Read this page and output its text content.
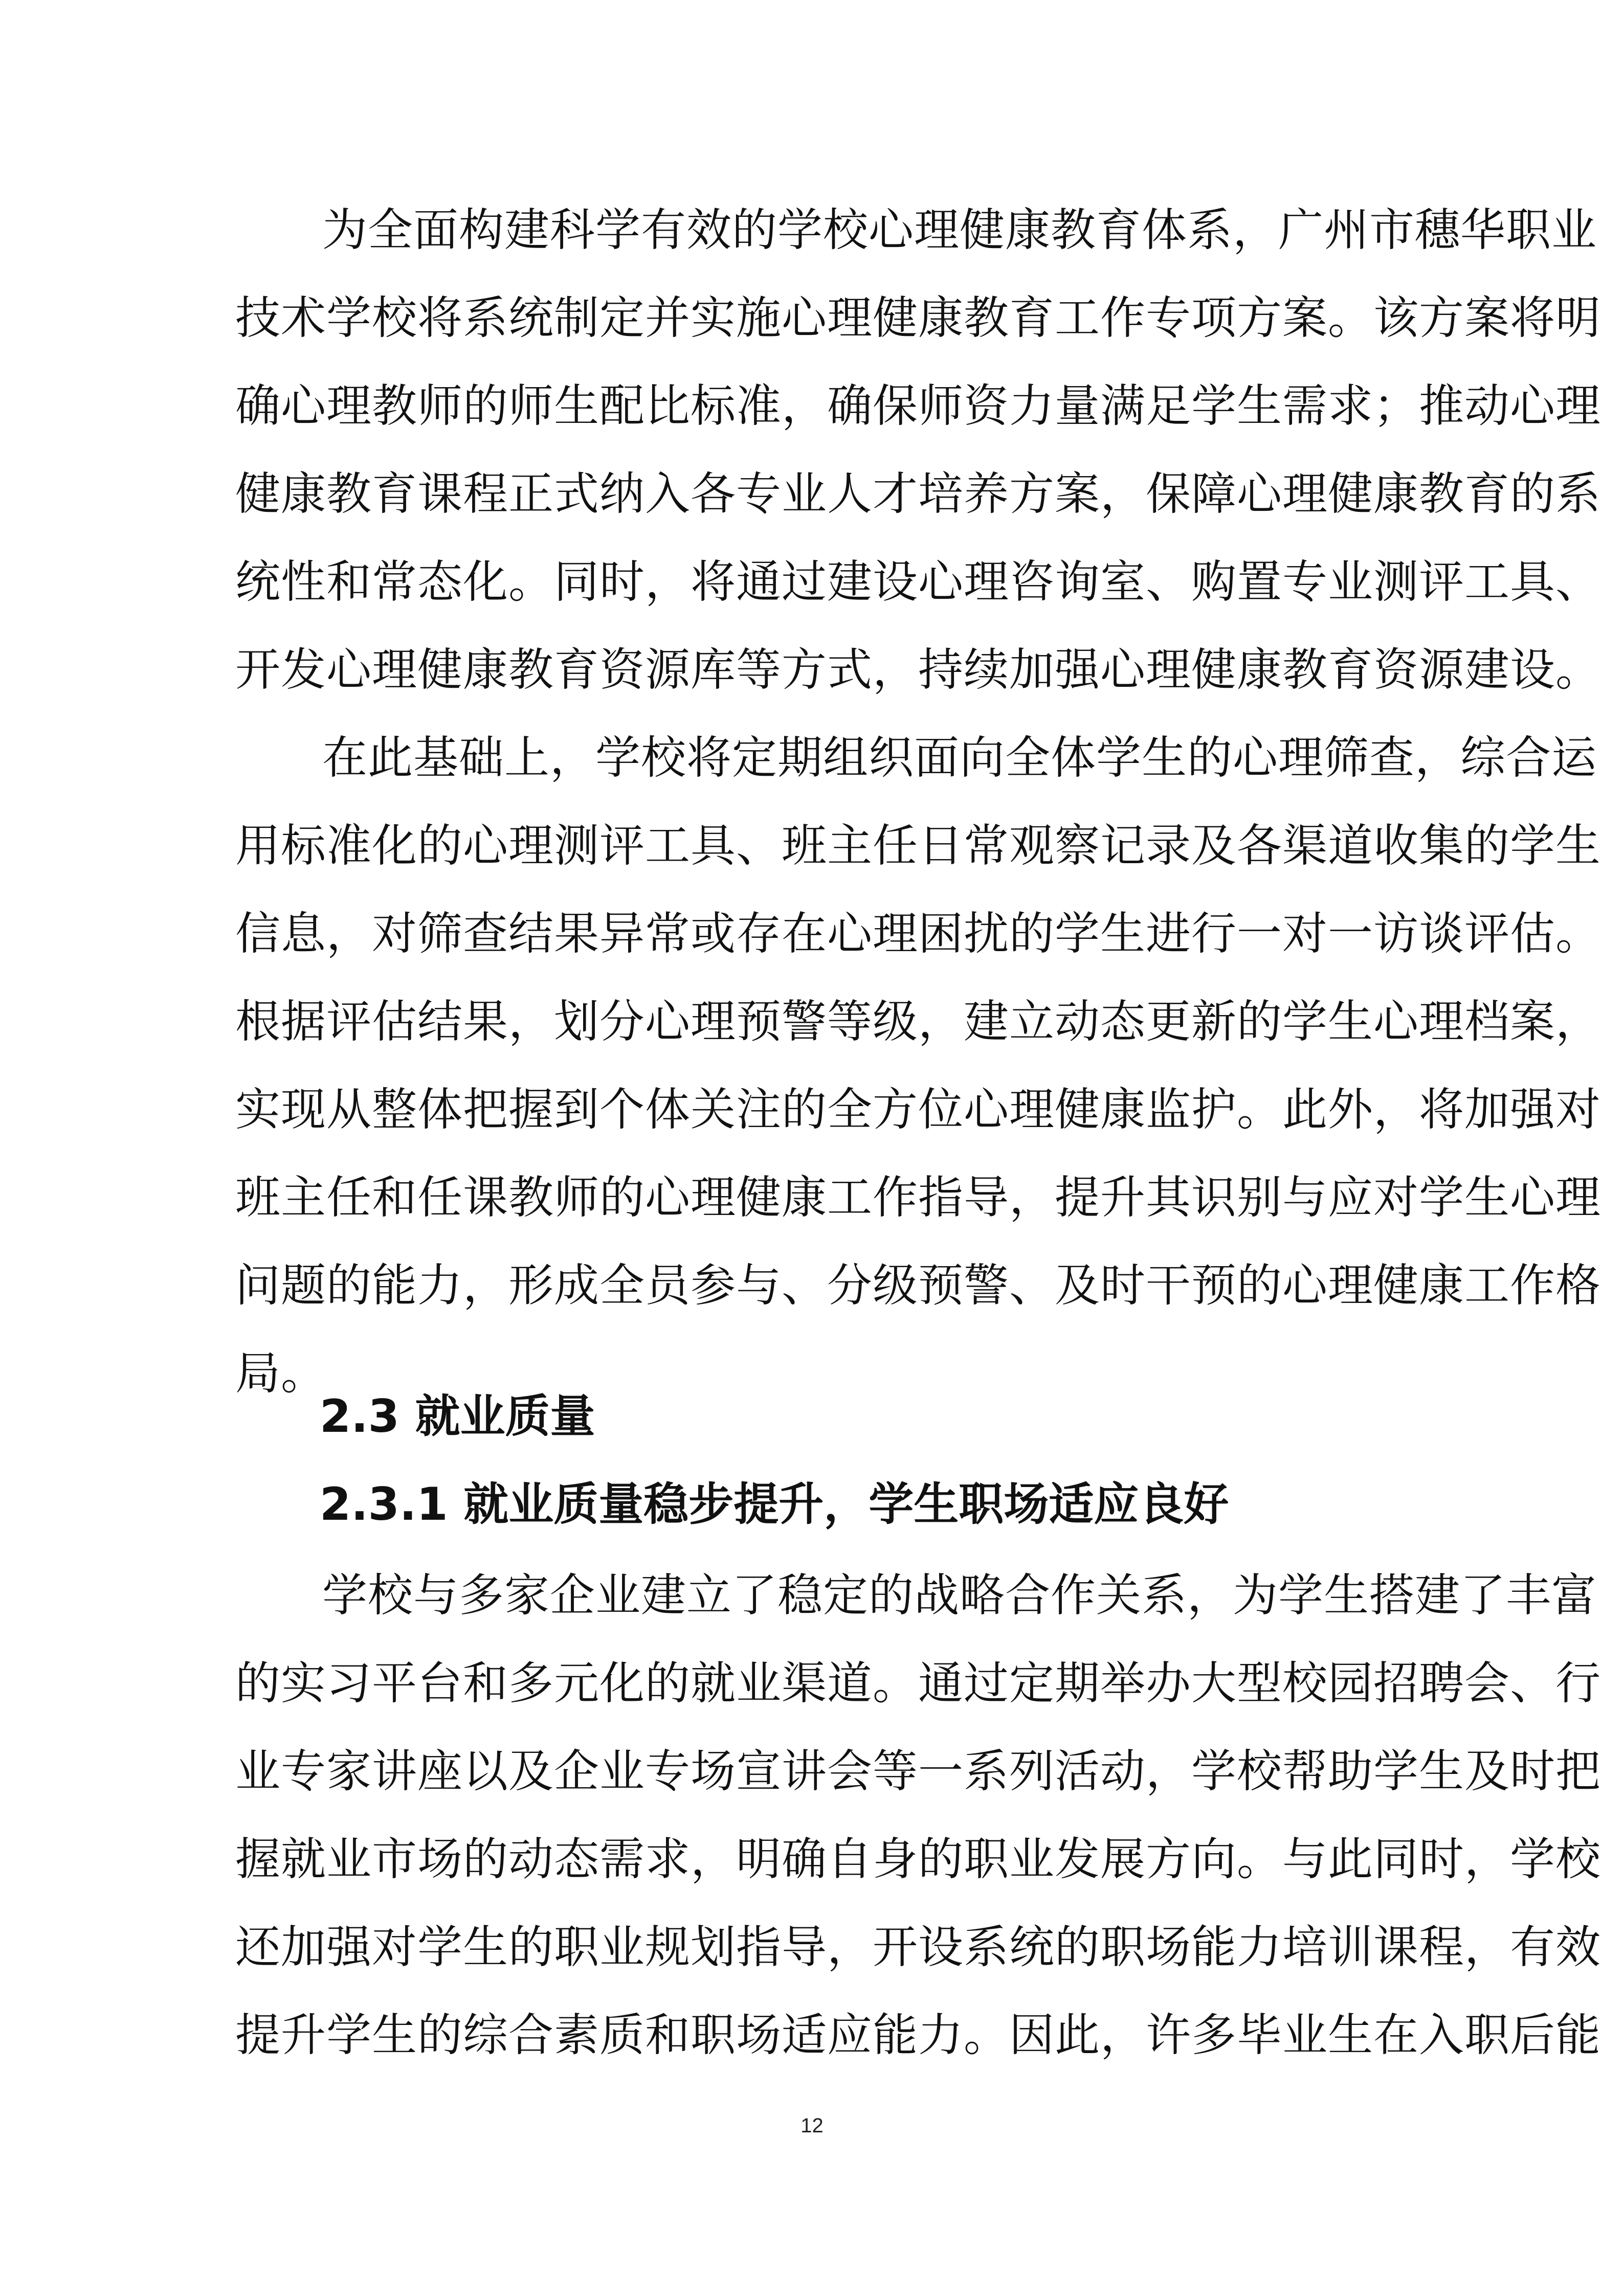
为全面构建科学有效的学校心理健康教育体系，广州市穗华职业
技术学校将系统制定并实施心理健康教育工作专项方案。该方案将明
确心理教师的师生配比标准，确保师资力量满足学生需求；推动心理
健康教育课程正式纳入各专业人才培养方案，保障心理健康教育的系
统性和常态化。同时，将通过建设心理咨询室、购置专业测评工具、
开发心理健康教育资源库等方式，持续加强心理健康教育资源建设。
在此基础上，学校将定期组织面向全体学生的心理筛查，综合运
用标准化的心理测评工具、班主任日常观察记录及各渠道收集的学生
信息，对筛查结果异常或存在心理困扰的学生进行一对一访谈评估。
根据评估结果，划分心理预警等级，建立动态更新的学生心理档案，
实现从整体把握到个体关注的全方位心理健康监护。此外，将加强对
班主任和任课教师的心理健康工作指导，提升其识别与应对学生心理
问题的能力，形成全员参与、分级预警、及时干预的心理健康工作格
局。
2.3 就业质量
2.3.1 就业质量稳步提升，学生职场适应良好
学校与多家企业建立了稳定的战略合作关系，为学生搭建了丰富
的实习平台和多元化的就业渠道。通过定期举办大型校园招聘会、行
业专家讲座以及企业专场宣讲会等一系列活动，学校帮助学生及时把
握就业市场的动态需求，明确自身的职业发展方向。与此同时，学校
还加强对学生的职业规划指导，开设系统的职场能力培训课程，有效
提升学生的综合素质和职场适应能力。因此，许多毕业生在入职后能
12
